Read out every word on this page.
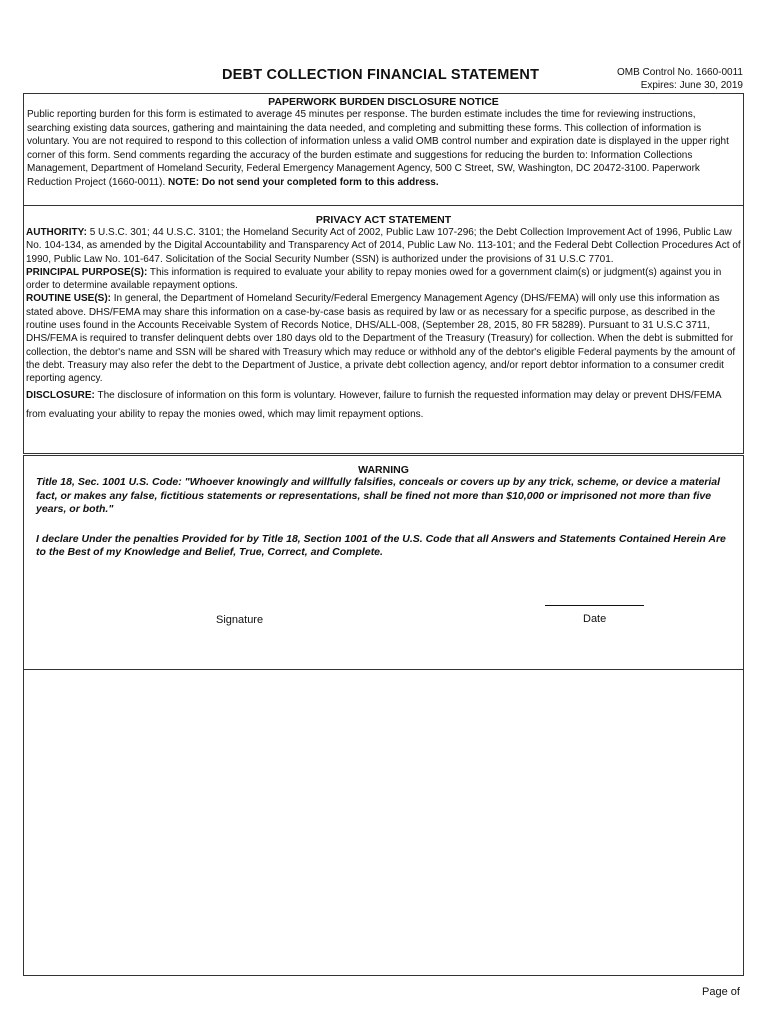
DEBT COLLECTION FINANCIAL STATEMENT	OMB Control No. 1660-0011
Expires: June 30, 2019
PAPERWORK BURDEN DISCLOSURE NOTICE
Public reporting burden for this form is estimated to average 45 minutes per response. The burden estimate includes the time for reviewing instructions, searching existing data sources, gathering and maintaining the data needed, and completing and submitting these forms. This collection of information is voluntary. You are not required to respond to this collection of information unless a valid OMB control number and expiration date is displayed in the upper right corner of this form. Send comments regarding the accuracy of the burden estimate and suggestions for reducing the burden to: Information Collections Management, Department of Homeland Security, Federal Emergency Management Agency, 500 C Street, SW, Washington, DC 20472-3100. Paperwork Reduction Project (1660-0011). NOTE: Do not send your completed form to this address.
PRIVACY ACT STATEMENT
AUTHORITY: 5 U.S.C. 301; 44 U.S.C. 3101; the Homeland Security Act of 2002, Public Law 107-296; the Debt Collection Improvement Act of 1996, Public Law No. 104-134, as amended by the Digital Accountability and Transparency Act of 2014, Public Law No. 113-101; and the Federal Debt Collection Procedures Act of 1990, Public Law No. 101-647. Solicitation of the Social Security Number (SSN) is authorized under the provisions of 31 U.S.C 7701.
PRINCIPAL PURPOSE(S): This information is required to evaluate your ability to repay monies owed for a government claim(s) or judgment(s) against you in order to determine available repayment options.
ROUTINE USE(S): In general, the Department of Homeland Security/Federal Emergency Management Agency (DHS/FEMA) will only use this information as stated above. DHS/FEMA may share this information on a case-by-case basis as required by law or as necessary for a specific purpose, as described in the routine uses found in the Accounts Receivable System of Records Notice, DHS/ALL-008, (September 28, 2015, 80 FR 58289). Pursuant to 31 U.S.C 3711, DHS/FEMA is required to transfer delinquent debts over 180 days old to the Department of the Treasury (Treasury) for collection. When the debt is submitted for collection, the debtor's name and SSN will be shared with Treasury which may reduce or withhold any of the debtor's eligible Federal payments by the amount of the debt. Treasury may also refer the debt to the Department of Justice, a private debt collection agency, and/or report debtor information to a consumer credit reporting agency.
DISCLOSURE: The disclosure of information on this form is voluntary. However, failure to furnish the requested information may delay or prevent DHS/FEMA from evaluating your ability to repay the monies owed, which may limit repayment options.
WARNING
Title 18, Sec. 1001 U.S. Code: "Whoever knowingly and willfully falsifies, conceals or covers up by any trick, scheme, or device a material fact, or makes any false, fictitious statements or representations, shall be fined not more than $10,000 or imprisoned not more than five years, or both."
I declare Under the penalties Provided for by Title 18, Section 1001 of the U.S. Code that all Answers and Statements Contained Herein Are to the Best of my Knowledge and Belief, True, Correct, and Complete.
Signature	Date
Page of
